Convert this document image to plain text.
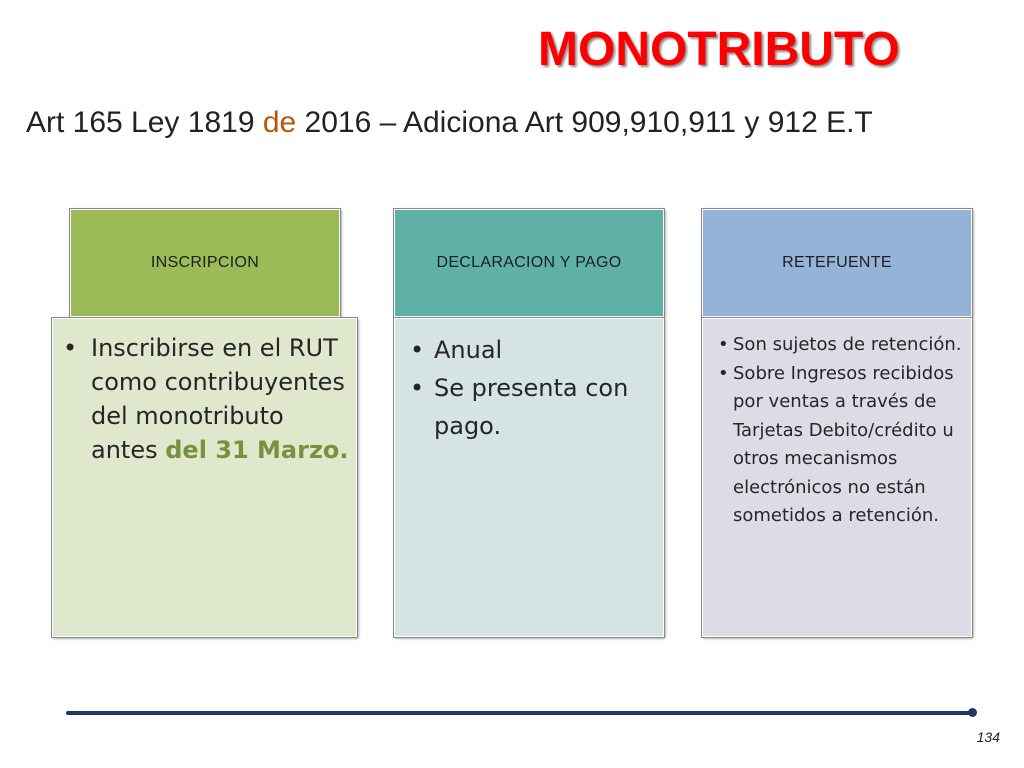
MONOTRIBUTO
Art 165 Ley 1819 de 2016 – Adiciona Art 909,910,911 y 912 E.T
INSCRIPCION
• Inscribirse en el RUT como contribuyentes del monotributo antes del 31 Marzo.
DECLARACION Y PAGO
• Anual
• Se presenta con pago.
RETEFUENTE
• Son sujetos de retención.
• Sobre Ingresos recibidos por ventas a través de Tarjetas Debito/crédito u otros mecanismos electrónicos no están sometidos a retención.
134
